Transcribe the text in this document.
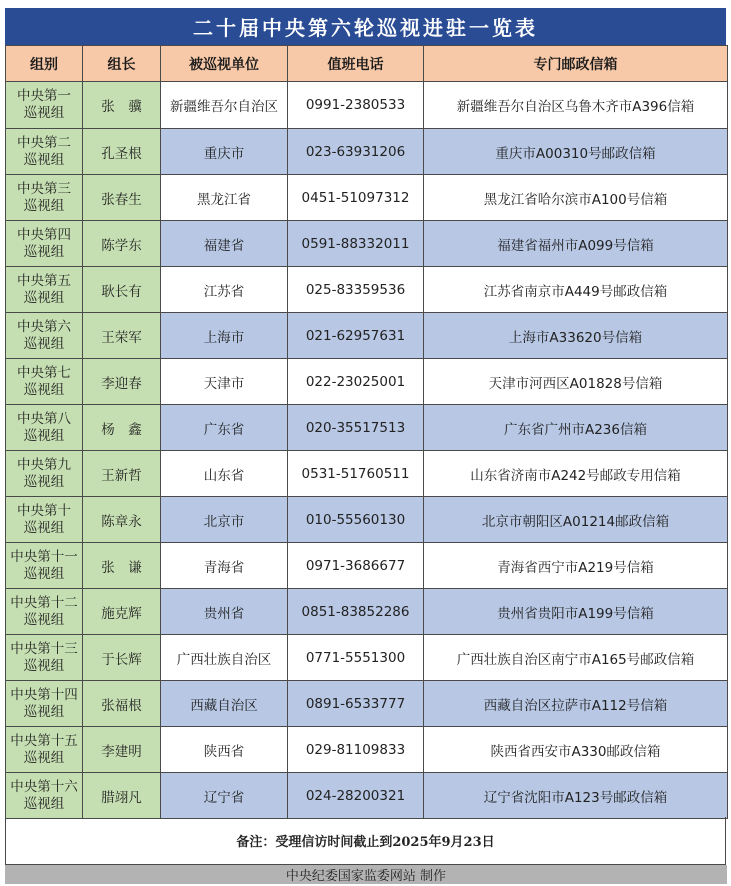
二十届中央第六轮巡视进驻一览表
组别	组长	被巡视单位	值班电话	专门邮政信箱

中央第一
巡视组	张　骥	新疆维吾尔自治区	0991-2380533	新疆维吾尔自治区乌鲁木齐市A396信箱

中央第二
巡视组	孔圣根	重庆市	023-63931206	重庆市A00310号邮政信箱

中央第三
巡视组	张春生	黑龙江省	0451-51097312	黑龙江省哈尔滨市A100号信箱

中央第四
巡视组	陈学东	福建省	0591-88332011	福建省福州市A099号信箱

中央第五
巡视组	耿长有	江苏省	025-83359536	江苏省南京市A449号邮政信箱

中央第六
巡视组	王荣军	上海市	021-62957631	上海市A33620号信箱

中央第七
巡视组	李迎春	天津市	022-23025001	天津市河西区A01828号信箱

中央第八
巡视组	杨　鑫	广东省	020-35517513	广东省广州市A236信箱

中央第九
巡视组	王新哲	山东省	0531-51760511	山东省济南市A242号邮政专用信箱

中央第十
巡视组	陈章永	北京市	010-55560130	北京市朝阳区A01214邮政信箱

中央第十一
巡视组	张　谦	青海省	0971-3686677	青海省西宁市A219号信箱

中央第十二
巡视组	施克辉	贵州省	0851-83852286	贵州省贵阳市A199号信箱

中央第十三
巡视组	于长辉	广西壮族自治区	0771-5551300	广西壮族自治区南宁市A165号邮政信箱

中央第十四
巡视组	张福根	西藏自治区	0891-6533777	西藏自治区拉萨市A112号信箱

中央第十五
巡视组	李建明	陕西省	029-81109833	陕西省西安市A330邮政信箱

中央第十六
巡视组	腊翊凡	辽宁省	024-28200321	辽宁省沈阳市A123号邮政信箱
备注：受理信访时间截止到2025年9月23日
中央纪委国家监委网站 制作
